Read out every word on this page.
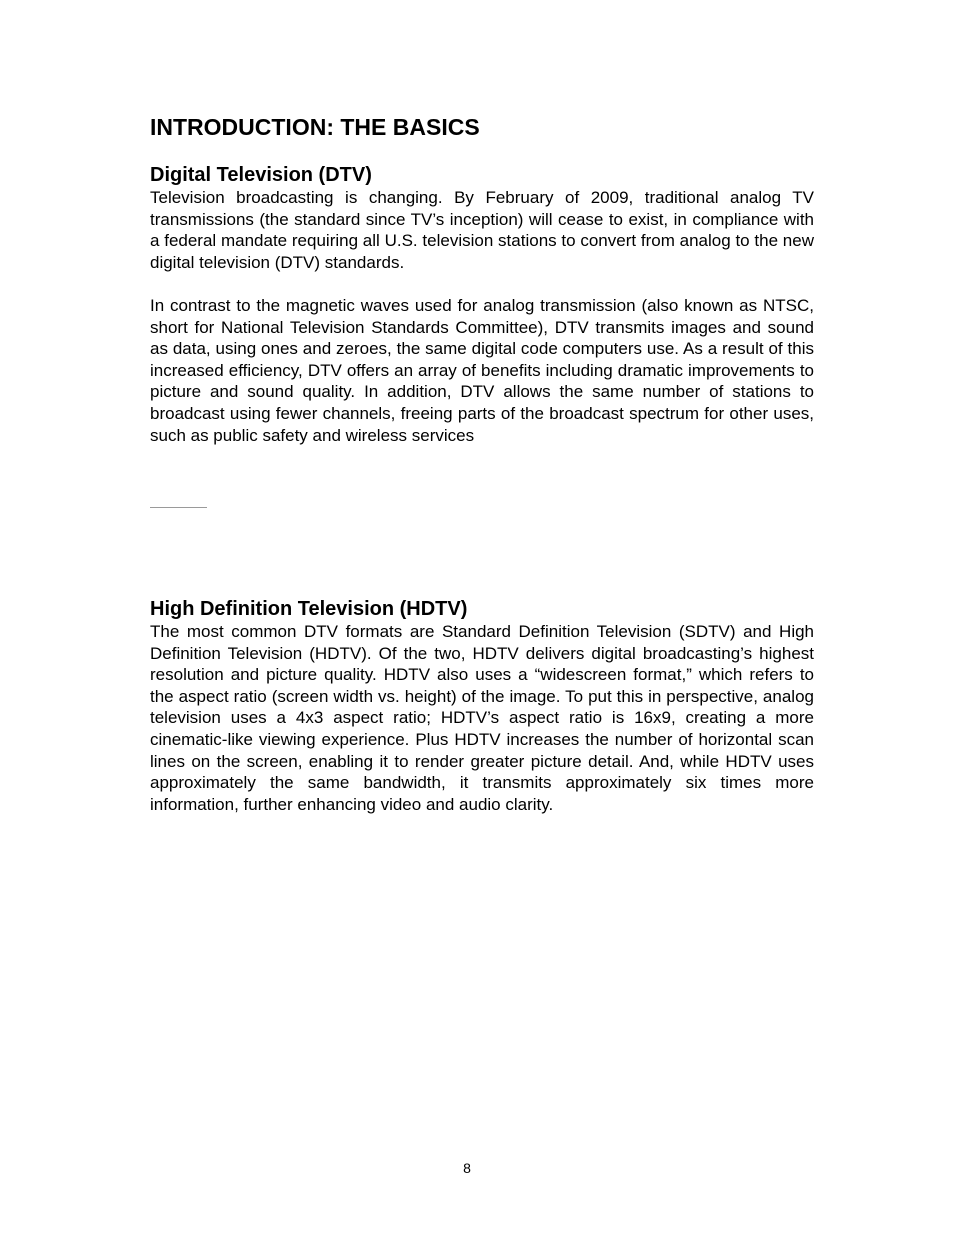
INTRODUCTION: THE BASICS
Digital Television (DTV)

Television broadcasting is changing. By February of 2009, traditional analog TV transmissions (the standard since TV’s inception) will cease to exist, in compliance with a federal mandate requiring all U.S. television stations to convert from analog to the new digital television (DTV) standards.

In contrast to the magnetic waves used for analog transmission (also known as NTSC, short for National Television Standards Committee), DTV transmits images and sound as data, using ones and zeroes, the same digital code computers use. As a result of this increased efficiency, DTV offers an array of benefits including dramatic improvements to picture and sound quality. In addition, DTV allows the same number of stations to broadcast using fewer channels, freeing parts of the broadcast spectrum for other uses, such as public safety and wireless services

High Definition Television (HDTV)

The most common DTV formats are Standard Definition Television (SDTV) and High Definition Television (HDTV). Of the two, HDTV delivers digital broadcasting’s highest resolution and picture quality. HDTV also uses a “widescreen format,” which refers to the aspect ratio (screen width vs. height) of the image. To put this in perspective, analog television uses a 4x3 aspect ratio; HDTV’s aspect ratio is 16x9, creating a more cinematic-like viewing experience. Plus HDTV increases the number of horizontal scan lines on the screen, enabling it to render greater picture detail. And, while HDTV uses approximately the same bandwidth, it transmits approximately six times more information, further enhancing video and audio clarity.

8
